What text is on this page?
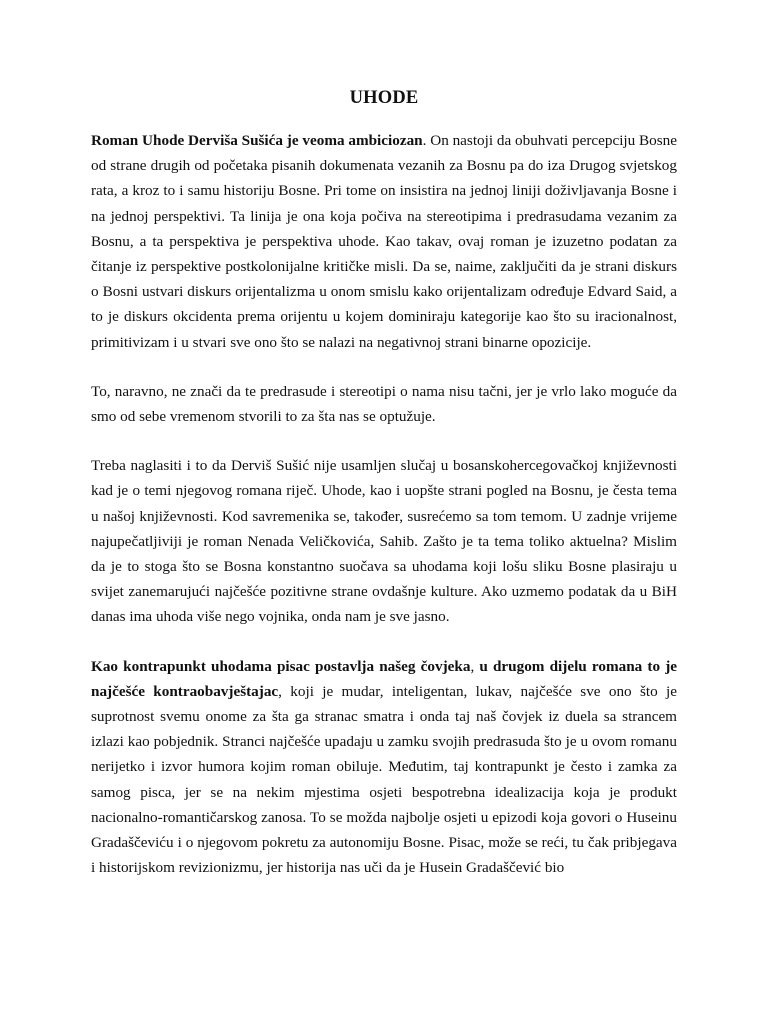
UHODE

Roman Uhode Derviša Sušića je veoma ambiciozan. On nastoji da obuhvati percepciju Bosne od strane drugih od početaka pisanih dokumenata vezanih za Bosnu pa do iza Drugog svjetskog rata, a kroz to i samu historiju Bosne. Pri tome on insistira na jednoj liniji doživljavanja Bosne i na jednoj perspektivi. Ta linija je ona koja počiva na stereotipima i predrasudama vezanim za Bosnu, a ta perspektiva je perspektiva uhode. Kao takav, ovaj roman je izuzetno podatan za čitanje iz perspektive postkolonijalne kritičke misli. Da se, naime, zaključiti da je strani diskurs o Bosni ustvari diskurs orijentalizma u onom smislu kako orijentalizam određuje Edvard Said, a to je diskurs okcidenta prema orijentu u kojem dominiraju kategorije kao što su iracionalnost, primitivizam i u stvari sve ono što se nalazi na negativnoj strani binarne opozicije.

To, naravno, ne znači da te predrasude i stereotipi o nama nisu tačni, jer je vrlo lako moguće da smo od sebe vremenom stvorili to za šta nas se optužuje.

Treba naglasiti i to da Derviš Sušić nije usamljen slučaj u bosanskohercegovačkoj književnosti kad je o temi njegovog romana riječ. Uhode, kao i uopšte strani pogled na Bosnu, je česta tema u našoj književnosti. Kod savremenika se, također, susrećemo sa tom temom. U zadnje vrijeme najupečatljiviji je roman Nenada Veličkovića, Sahib. Zašto je ta tema toliko aktuelna? Mislim da je to stoga što se Bosna konstantno suočava sa uhodama koji lošu sliku Bosne plasiraju u svijet zanemarujući najčešće pozitivne strane ovdašnje kulture. Ako uzmemo podatak da u BiH danas ima uhoda više nego vojnika, onda nam je sve jasno.

Kao kontrapunkt uhodama pisac postavlja našeg čovjeka, u drugom dijelu romana to je najčešće kontraobavještajac, koji je mudar, inteligentan, lukav, najčešće sve ono što je suprotnost svemu onome za šta ga stranac smatra i onda taj naš čovjek iz duela sa strancem izlazi kao pobjednik. Stranci najčešće upadaju u zamku svojih predrasuda što je u ovom romanu nerijetko i izvor humora kojim roman obiluje. Međutim, taj kontrapunkt je često i zamka za samog pisca, jer se na nekim mjestima osjeti bespotrebna idealizacija koja je produkt nacionalno-romantičarskog zanosa. To se možda najbolje osjeti u epizodi koja govori o Huseinu Gradaščeviću i o njegovom pokretu za autonomiju Bosne. Pisac, može se reći, tu čak pribjegava i historijskom revizionizmu, jer historija nas uči da je Husein Gradaščević bio
